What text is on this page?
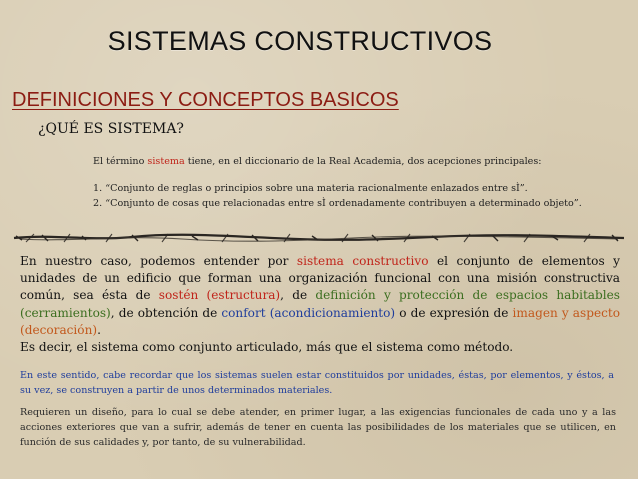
SISTEMAS CONSTRUCTIVOS
DEFINICIONES Y CONCEPTOS BASICOS
¿QUÉ ES SISTEMA?
El término sistema tiene, en el diccionario de la Real Academia, dos acepciones principales:
1. “Conjunto de reglas o principios sobre una materia racionalmente enlazados entre sÌ”.
2. “Conjunto de cosas que relacionadas entre sÌ ordenadamente contribuyen a determinado objeto”.
En nuestro caso, podemos entender por sistema constructivo el conjunto de elementos y unidades de un edificio que forman una organización funcional con una misión constructiva común, sea ésta de sostén (estructura), de definición y protección de espacios habitables (cerramientos), de obtención de confort (acondicionamiento) o de expresión de imagen y aspecto (decoración).
Es decir, el sistema como conjunto articulado, más que el sistema como método.
En este sentido, cabe recordar que los sistemas suelen estar constituidos por unidades, éstas, por elementos, y éstos, a su vez, se construyen a partir de unos determinados materiales.
Requieren un diseño, para lo cual se debe atender, en primer lugar, a las exigencias funcionales de cada uno y a las acciones exteriores que van a sufrir, además de tener en cuenta las posibilidades de los materiales que se utilicen, en función de sus calidades y, por tanto, de su vulnerabilidad.
